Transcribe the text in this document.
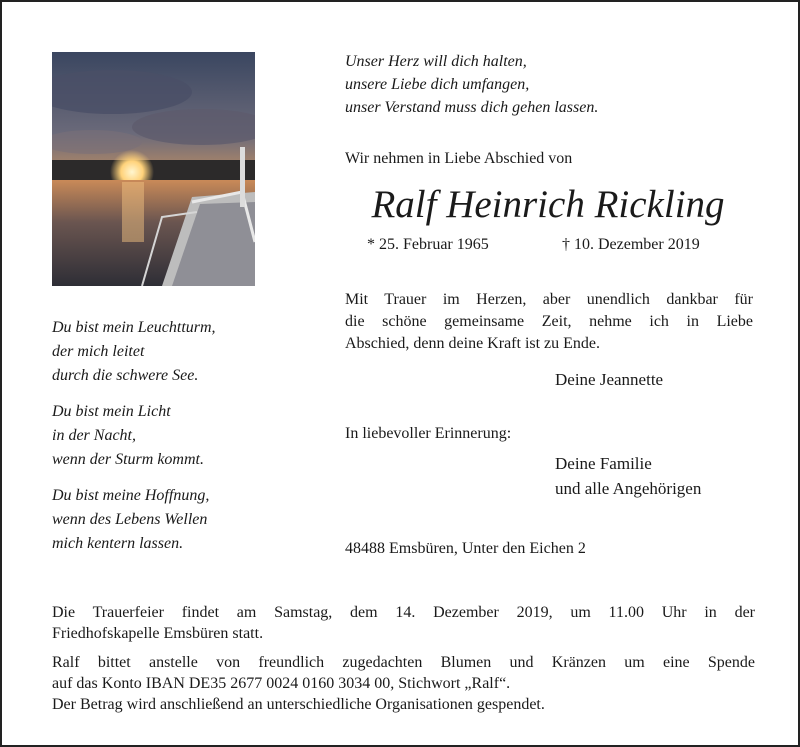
Du bist mein Leuchtturm,
der mich leitet
durch die schwere See.
Du bist mein Licht
in der Nacht,
wenn der Sturm kommt.
Du bist meine Hoffnung,
wenn des Lebens Wellen
mich kentern lassen.
Unser Herz will dich halten,
unsere Liebe dich umfangen,
unser Verstand muss dich gehen lassen.
Wir nehmen in Liebe Abschied von
Ralf Heinrich Rickling
* 25. Februar 1965	† 10. Dezember 2019
Mit Trauer im Herzen, aber unendlich dankbar für
die schöne gemeinsame Zeit, nehme ich in Liebe
Abschied, denn deine Kraft ist zu Ende.
Deine Jeannette
In liebevoller Erinnerung:
Deine Familie
und alle Angehörigen
48488 Emsbüren, Unter den Eichen 2
Die Trauerfeier findet am Samstag, dem 14. Dezember 2019, um 11.00 Uhr in der
Friedhofskapelle Emsbüren statt.
Ralf bittet anstelle von freundlich zugedachten Blumen und Kränzen um eine Spende
auf das Konto IBAN DE35 2677 0024 0160 3034 00, Stichwort „Ralf“.
Der Betrag wird anschließend an unterschiedliche Organisationen gespendet.
